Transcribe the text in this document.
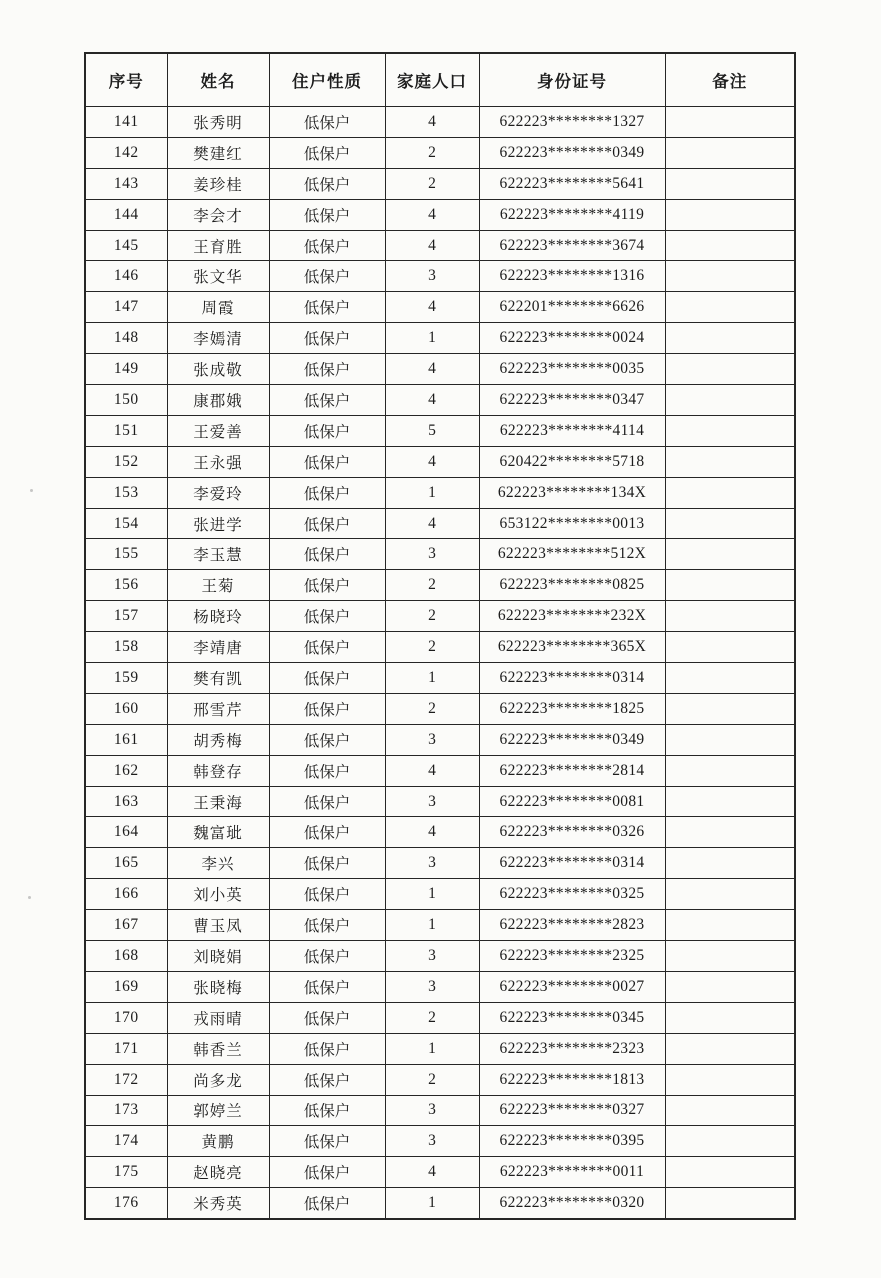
序号	姓名	住户性质	家庭人口	身份证号	备注
141	张秀明	低保户	4	622223********1327	
142	樊建红	低保户	2	622223********0349	
143	姜珍桂	低保户	2	622223********5641	
144	李会才	低保户	4	622223********4119	
145	王育胜	低保户	4	622223********3674	
146	张文华	低保户	3	622223********1316	
147	周霞	低保户	4	622201********6626	
148	李嫣清	低保户	1	622223********0024	
149	张成敬	低保户	4	622223********0035	
150	康郡娥	低保户	4	622223********0347	
151	王爱善	低保户	5	622223********4114	
152	王永强	低保户	4	620422********5718	
153	李爱玲	低保户	1	622223********134X	
154	张进学	低保户	4	653122********0013	
155	李玉慧	低保户	3	622223********512X	
156	王菊	低保户	2	622223********0825	
157	杨晓玲	低保户	2	622223********232X	
158	李靖唐	低保户	2	622223********365X	
159	樊有凯	低保户	1	622223********0314	
160	邢雪芹	低保户	2	622223********1825	
161	胡秀梅	低保户	3	622223********0349	
162	韩登存	低保户	4	622223********2814	
163	王秉海	低保户	3	622223********0081	
164	魏富玼	低保户	4	622223********0326	
165	李兴	低保户	3	622223********0314	
166	刘小英	低保户	1	622223********0325	
167	曹玉凤	低保户	1	622223********2823	
168	刘晓娟	低保户	3	622223********2325	
169	张晓梅	低保户	3	622223********0027	
170	戎雨晴	低保户	2	622223********0345	
171	韩香兰	低保户	1	622223********2323	
172	尚多龙	低保户	2	622223********1813	
173	郭婷兰	低保户	3	622223********0327	
174	黄鹏	低保户	3	622223********0395	
175	赵晓亮	低保户	4	622223********0011	
176	米秀英	低保户	1	622223********0320	
